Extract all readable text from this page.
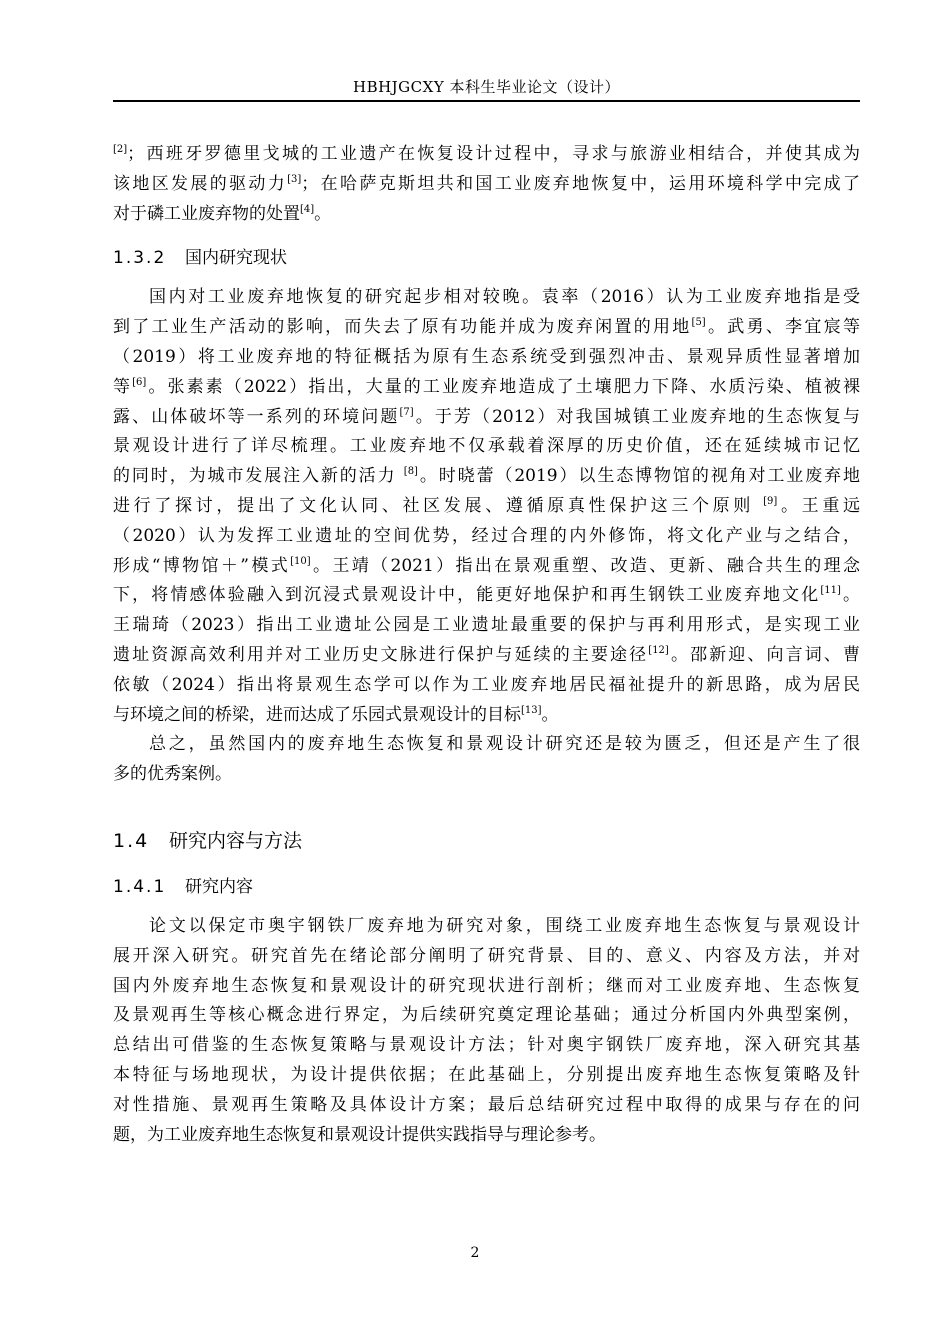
HBHJGCXY 本科生毕业论文（设计）
[2]；西班牙罗德里戈城的工业遗产在恢复设计过程中，寻求与旅游业相结合，并使其成为
该地区发展的驱动力[3]；在哈萨克斯坦共和国工业废弃地恢复中，运用环境科学中完成了
对于磷工业废弃物的处置[4]。
1.3.2 国内研究现状
国内对工业废弃地恢复的研究起步相对较晚。袁率（2016）认为工业废弃地指是受
到了工业生产活动的影响，而失去了原有功能并成为废弃闲置的用地[5]。武勇、李宜宸等
（2019）将工业废弃地的特征概括为原有生态系统受到强烈冲击、景观异质性显著增加
等[6]。张素素（2022）指出，大量的工业废弃地造成了土壤肥力下降、水质污染、植被裸
露、山体破坏等一系列的环境问题[7]。于芳（2012）对我国城镇工业废弃地的生态恢复与
景观设计进行了详尽梳理。工业废弃地不仅承载着深厚的历史价值，还在延续城市记忆
的同时，为城市发展注入新的活力 [8]。时晓蕾（2019）以生态博物馆的视角对工业废弃地
进行了探讨，提出了文化认同、社区发展、遵循原真性保护这三个原则 [9]。王重远
（2020）认为发挥工业遗址的空间优势，经过合理的内外修饰，将文化产业与之结合，
形成“博物馆＋”模式[10]。王靖（2021）指出在景观重塑、改造、更新、融合共生的理念
下，将情感体验融入到沉浸式景观设计中，能更好地保护和再生钢铁工业废弃地文化[11]。
王瑞琦（2023）指出工业遗址公园是工业遗址最重要的保护与再利用形式，是实现工业
遗址资源高效利用并对工业历史文脉进行保护与延续的主要途径[12]。邵新迎、向言词、曹
依敏（2024）指出将景观生态学可以作为工业废弃地居民福祉提升的新思路，成为居民
与环境之间的桥梁，进而达成了乐园式景观设计的目标[13]。
总之，虽然国内的废弃地生态恢复和景观设计研究还是较为匮乏，但还是产生了很
多的优秀案例。
1.4 研究内容与方法
1.4.1 研究内容
论文以保定市奥宇钢铁厂废弃地为研究对象，围绕工业废弃地生态恢复与景观设计
展开深入研究。研究首先在绪论部分阐明了研究背景、目的、意义、内容及方法，并对
国内外废弃地生态恢复和景观设计的研究现状进行剖析；继而对工业废弃地、生态恢复
及景观再生等核心概念进行界定，为后续研究奠定理论基础；通过分析国内外典型案例，
总结出可借鉴的生态恢复策略与景观设计方法；针对奥宇钢铁厂废弃地，深入研究其基
本特征与场地现状，为设计提供依据；在此基础上，分别提出废弃地生态恢复策略及针
对性措施、景观再生策略及具体设计方案；最后总结研究过程中取得的成果与存在的问
题，为工业废弃地生态恢复和景观设计提供实践指导与理论参考。
2
